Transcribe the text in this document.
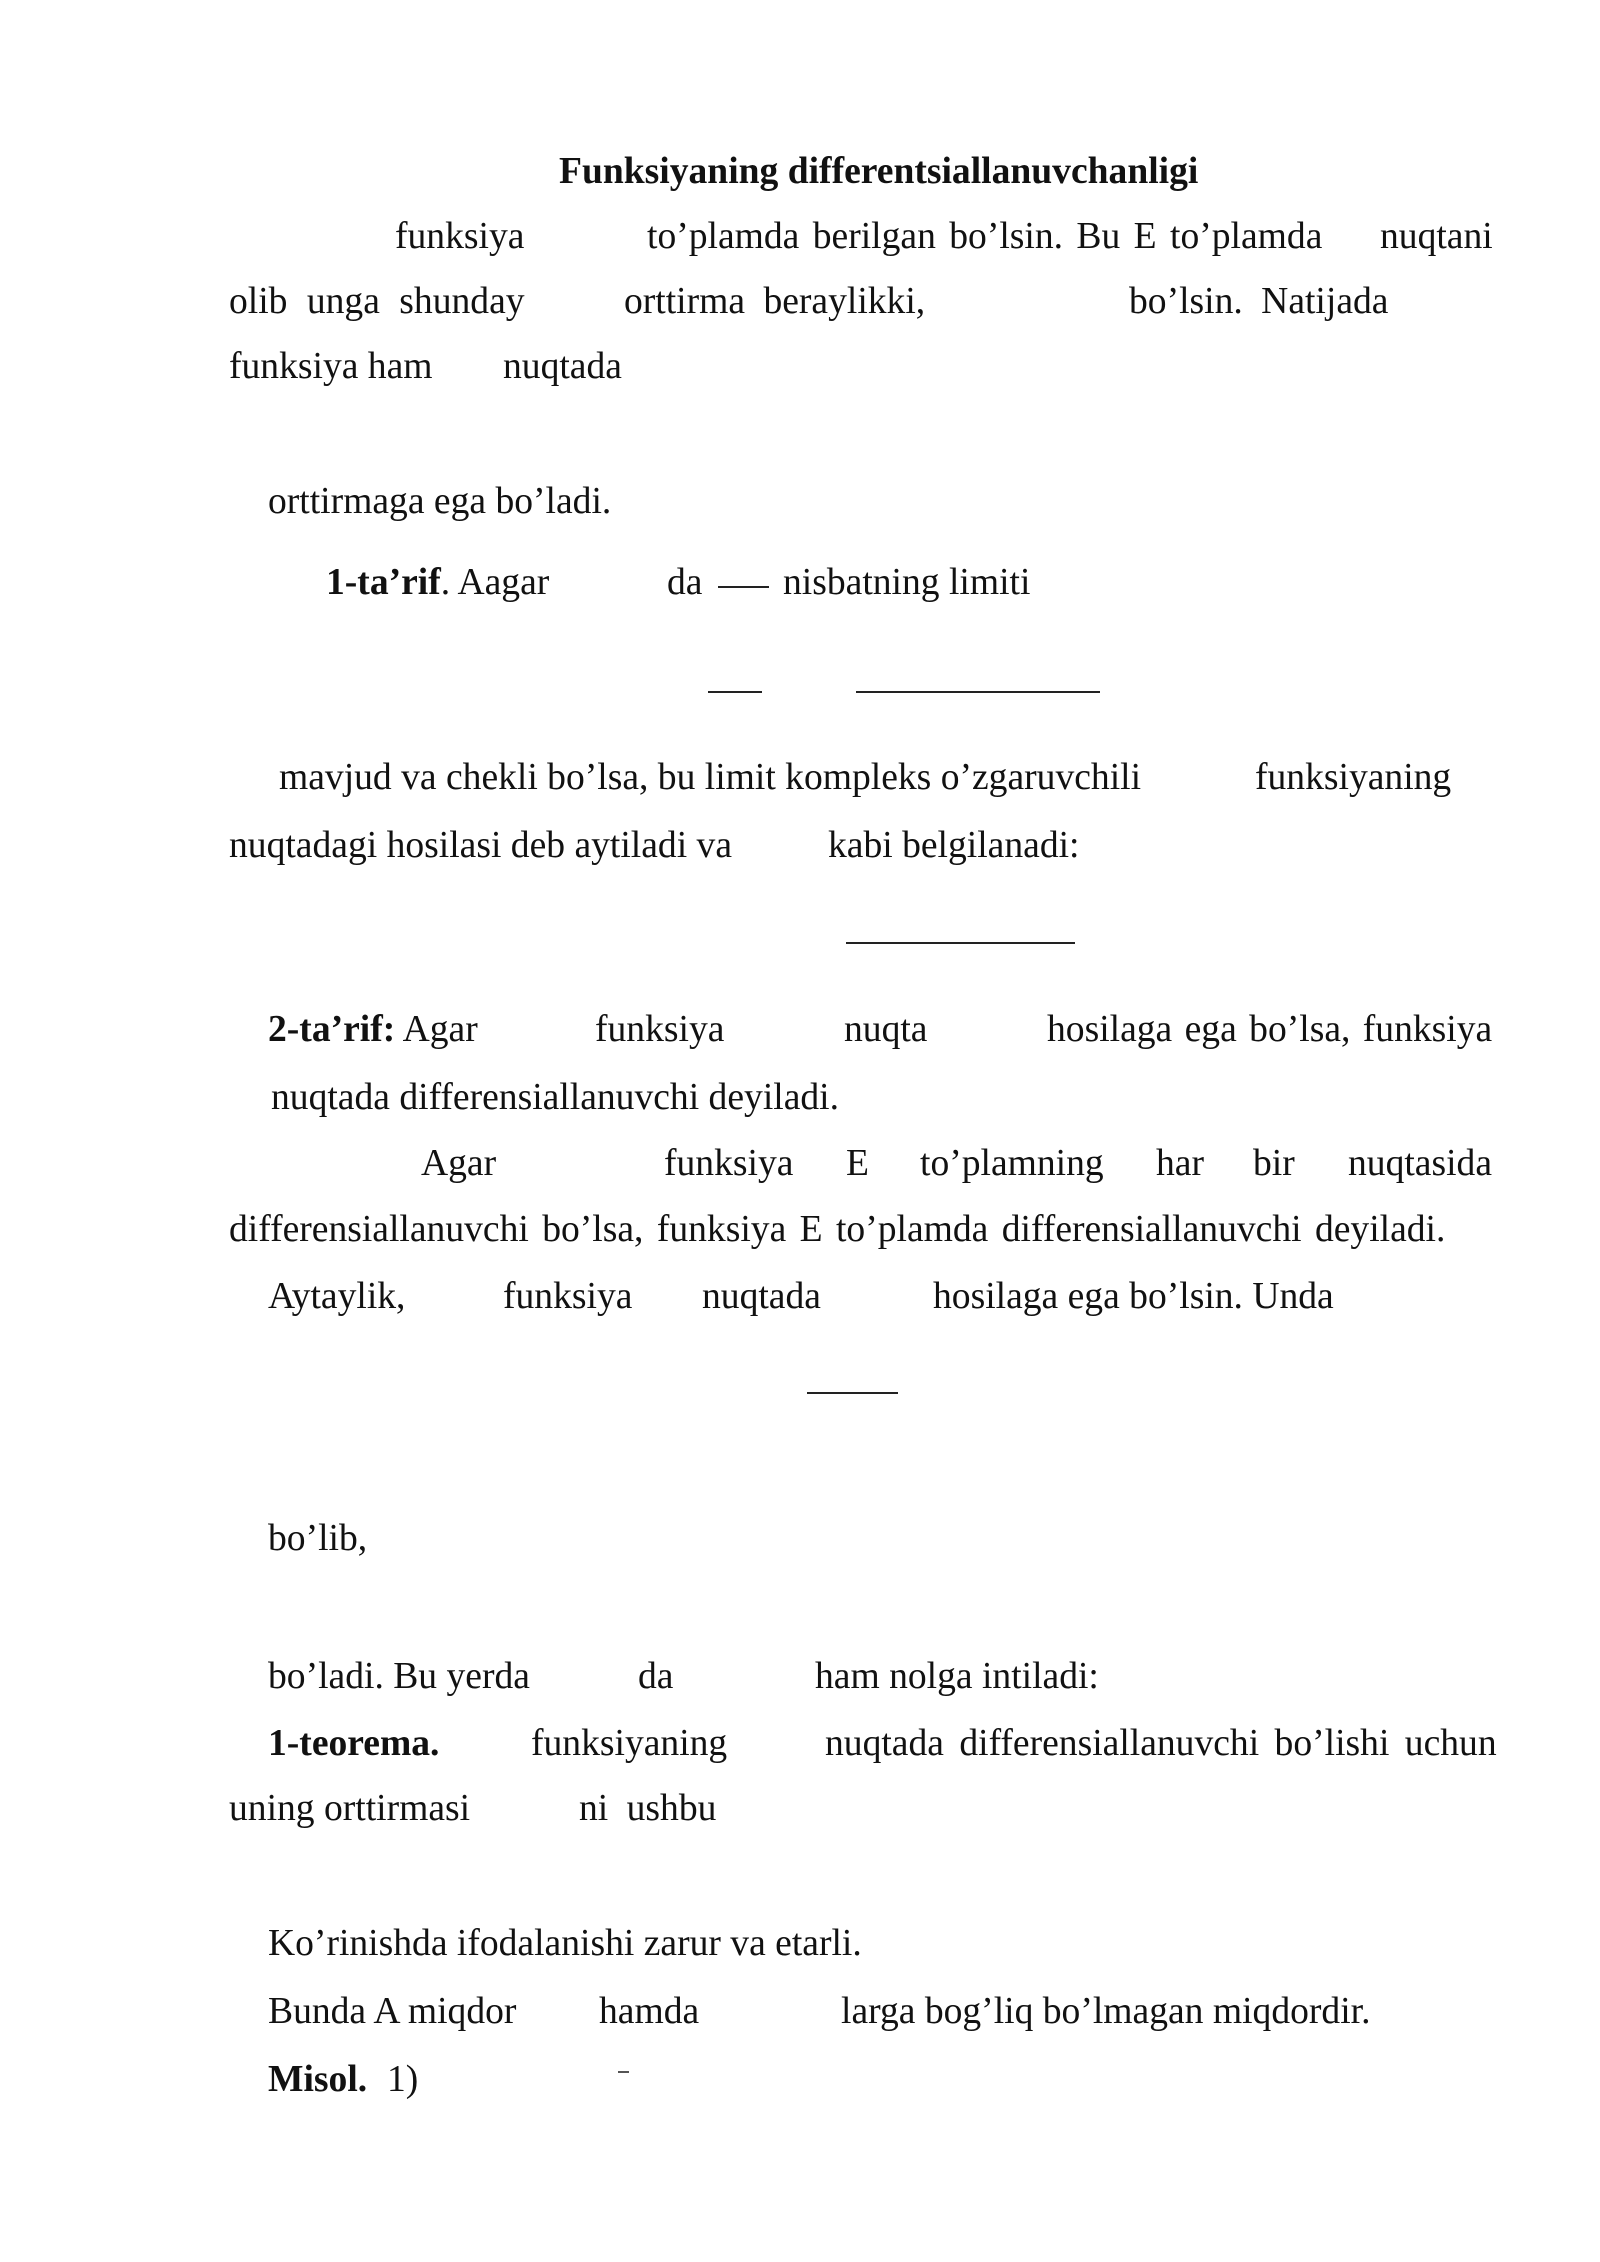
Funksiyaning differentsiallanuvchanligi
funksiya	to’plamda berilgan bo’lsin. Bu E to’plamda nuqtani
olib unga shunday	orttirma beraylikki,	bo’lsin. Natijada
funksiya ham nuqtada
orttirmaga ega bo’ladi.
1-ta’rif. Aagar	da nisbatning limiti
mavjud va chekli bo’lsa, bu limit kompleks o’zgaruvchili	funksiyaning
nuqtadagi hosilasi deb aytiladi va	kabi belgilanadi:
2-ta’rif: Agar	funksiya	nuqta	hosilaga ega bo’lsa, funksiya
nuqtada differensiallanuvchi deyiladi.
Agar	funksiya E to’plamning har bir nuqtasida
differensiallanuvchi bo’lsa, funksiya E to’plamda differensiallanuvchi deyiladi.
Aytaylik,	funksiya nuqtada	hosilaga ega bo’lsin. Unda
bo’lib,
bo’ladi. Bu yerda	da	ham nolga intiladi:
1-teorema. funksiyaning	nuqtada differensiallanuvchi bo’lishi uchun
uning orttirmasi	ni ushbu
Ko’rinishda ifodalanishi zarur va etarli.
Bunda A miqdor hamda	larga bog’liq bo’lmagan miqdordir.
Misol. 1)
